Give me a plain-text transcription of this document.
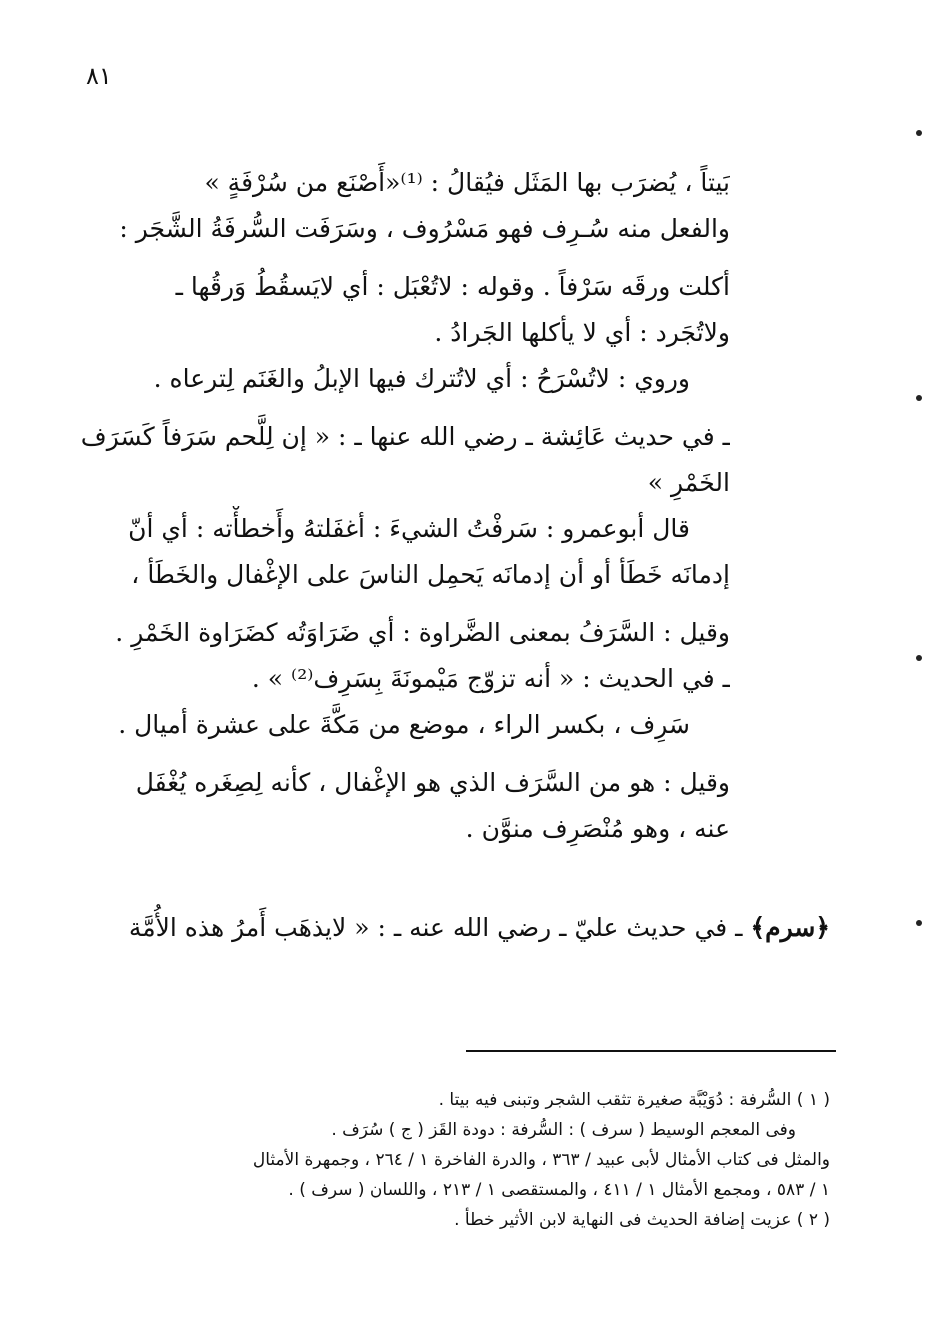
٨١
بَيتاً ، يُضرَب بها المَثَل فيُقالُ : ⁽¹⁾«أَصْنَع من سُرْفَةٍ »
والفعل منه سُـرِف فهو مَسْرُوف ، وسَرَفَت السُّرفَةُ الشَّجَر :
أكلت ورقَه سَرْفاً . وقوله : لاتُعْبَل : أي لايَسقُطُ وَرقُها ـ
ولاتُجَرد : أي لا يأكلها الجَرادُ .
وروي : لاتُسْرَحُ : أي لاتُترك فيها الإبلُ والغَنَم لِترعاه .
ـ في حديث عَائِشة ـ رضي الله عنها ـ : « إن لِلَّحم سَرَفاً كَسَرَف
الخَمْرِ »
قال أبوعمرو : سَرفْتُ الشيءَ : أغفَلتهُ وأَخطأْته : أي أنّ
إدمانَه خَطَأ أو أن إدمانَه يَحمِل الناسَ على الإغْفال والخَطَأ ،
وقيل : السَّرَفُ بمعنى الضَّراوة : أي ضَرَاوَتُه كضَرَاوة الخَمْرِ .
ـ في الحديث : « أنه تزوّج مَيْمونَةَ بِسَرِف⁽²⁾ » .
سَرِف ، بكسر الراء ، موضع من مَكَّةَ على عشرة أميال .
وقيل : هو من السَّرَف الذي هو الإغْفال ، كأنه لِصِغَره يُغْفَل
عنه ، وهو مُنْصَرِف منوَّن .
﴿سرم﴾ ـ في حديث عليّ ـ رضي الله عنه ـ : « لايذهَب أَمرُ هذه الأُمَّة
( ١ ) السُّرفة : دُوَيْبَّة صغيرة تثقب الشجر وتبنى فيه بيتا .
وفى المعجم الوسيط ( سرف ) : السُّرفة : دودة القَز ( ج ) سُرَف .
والمثل فى كتاب الأمثال لأبى عبيد / ٣٦٣ ، والدرة الفاخرة ١ / ٢٦٤ ، وجمهرة الأمثال
١ / ٥٨٣ ، ومجمع الأمثال ١ / ٤١١ ، والمستقصى ١ / ٢١٣ ، واللسان ( سرف ) .
( ٢ ) عزيت إضافة الحديث فى النهاية لابن الأثير خطأ .
